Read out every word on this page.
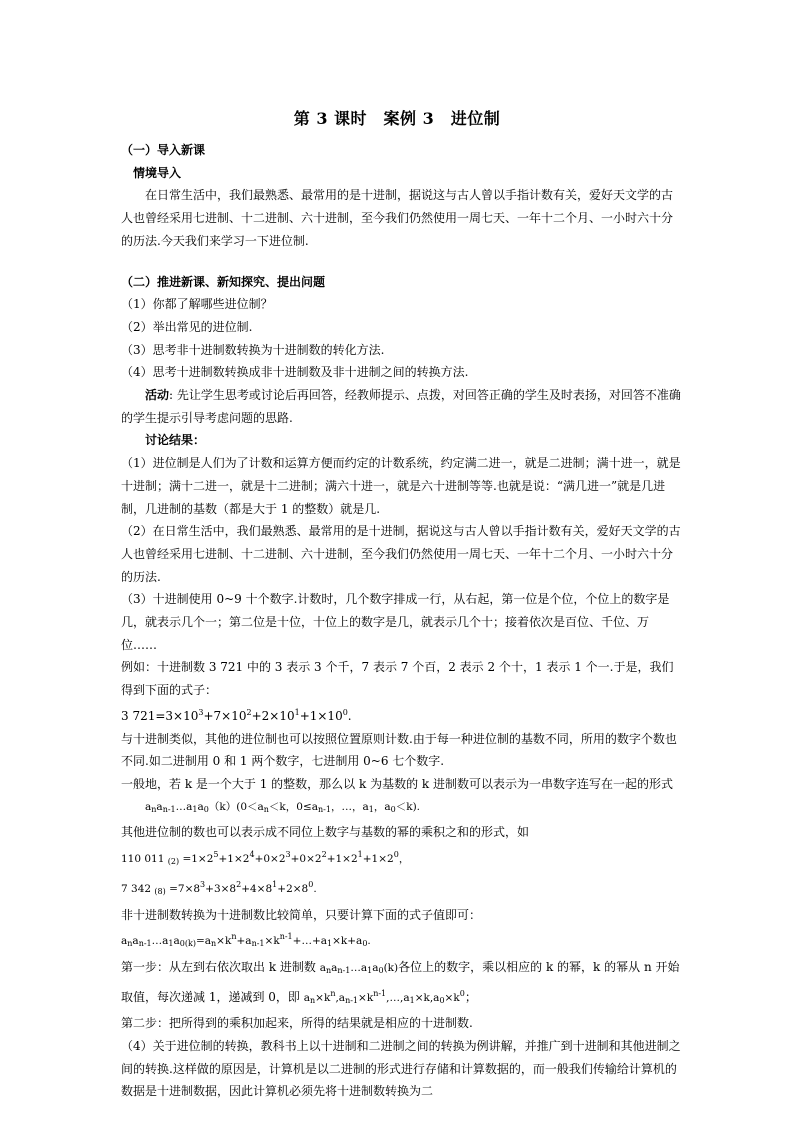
第 3 课时　案例 3　进位制

（一）导入新课

情境导入

在日常生活中，我们最熟悉、最常用的是十进制，据说这与古人曾以手指计数有关，爱好天文学的古人也曾经采用七进制、十二进制、六十进制，至今我们仍然使用一周七天、一年十二个月、一小时六十分的历法.今天我们来学习一下进位制.

（二）推进新课、新知探究、提出问题

（1）你都了解哪些进位制？

（2）举出常见的进位制.

（3）思考非十进制数转换为十进制数的转化方法.

（4）思考十进制数转换成非十进制数及非十进制之间的转换方法.

活动: 先让学生思考或讨论后再回答，经教师提示、点拨，对回答正确的学生及时表扬，对回答不准确的学生提示引导考虑问题的思路.

讨论结果：

（1）进位制是人们为了计数和运算方便而约定的计数系统，约定满二进一，就是二进制；满十进一，就是十进制；满十二进一，就是十二进制；满六十进一，就是六十进制等等.也就是说：“满几进一”就是几进制，几进制的基数（都是大于 1 的整数）就是几.

（2）在日常生活中，我们最熟悉、最常用的是十进制，据说这与古人曾以手指计数有关，爱好天文学的古人也曾经采用七进制、十二进制、六十进制，至今我们仍然使用一周七天、一年十二个月、一小时六十分的历法.

（3）十进制使用 0~9 十个数字.计数时，几个数字排成一行，从右起，第一位是个位，个位上的数字是几，就表示几个一；第二位是十位，十位上的数字是几，就表示几个十；接着依次是百位、千位、万位……

例如：十进制数 3 721 中的 3 表示 3 个千，7 表示 7 个百，2 表示 2 个十，1 表示 1 个一.于是，我们得到下面的式子：

3 $721=3\times 10^3+7\times 10^2+2\times 10^1+1\times 10^0$.

与十进制类似，其他的进位制也可以按照位置原则计数.由于每一种进位制的基数不同，所用的数字个数也不同.如二进制用 0 和 1 两个数字，七进制用 0~6 七个数字.

一般地，若 k 是一个大于 1 的整数，那么以 k 为基数的 k 进制数可以表示为一串数字连写在一起的形式

$a_na_{n-1}\dots a_1a_0(k)(0<a_n<k$，$0\le a_{n-1}$，…，$a_1$，$a_0<k$).

其他进位制的数也可以表示成不同位上数字与基数的幂的乘积之和的形式，如

110 011 $_{(2)} =1\times 2^5+1\times 2^4+0\times 2^3+0\times 2^2+1\times 2^1+1\times 2^0$，

7 342 $_{(8)} =7\times 8^3+3\times 8^2+4\times 8^1+2\times 8^0$.

非十进制数转换为十进制数比较简单，只要计算下面的式子值即可：

$a_na_{n-1}\dots a_1a_{0(k)}=a_n\times k^n+a_{n-1}\times k^{n-1}+\dots+a_1\times k+a_0$.

第一步：从左到右依次取出 k 进制数 $a_na_{n-1}\dots a_1a_0(k)$各位上的数字，乘以相应的 k 的幂，k 的幂从 n 开始取值，每次递减 1，递减到 0，即 $a_n\times k^n,a_{n-1}\times k^{n-1},\dots,a_1\times k,a_0\times k^0$；

第二步：把所得到的乘积加起来，所得的结果就是相应的十进制数.

（4）关于进位制的转换，教科书上以十进制和二进制之间的转换为例讲解，并推广到十进制和其他进制之间的转换.这样做的原因是，计算机是以二进制的形式进行存储和计算数据的，而一般我们传输给计算机的数据是十进制数据，因此计算机必须先将十进制数转换为二
